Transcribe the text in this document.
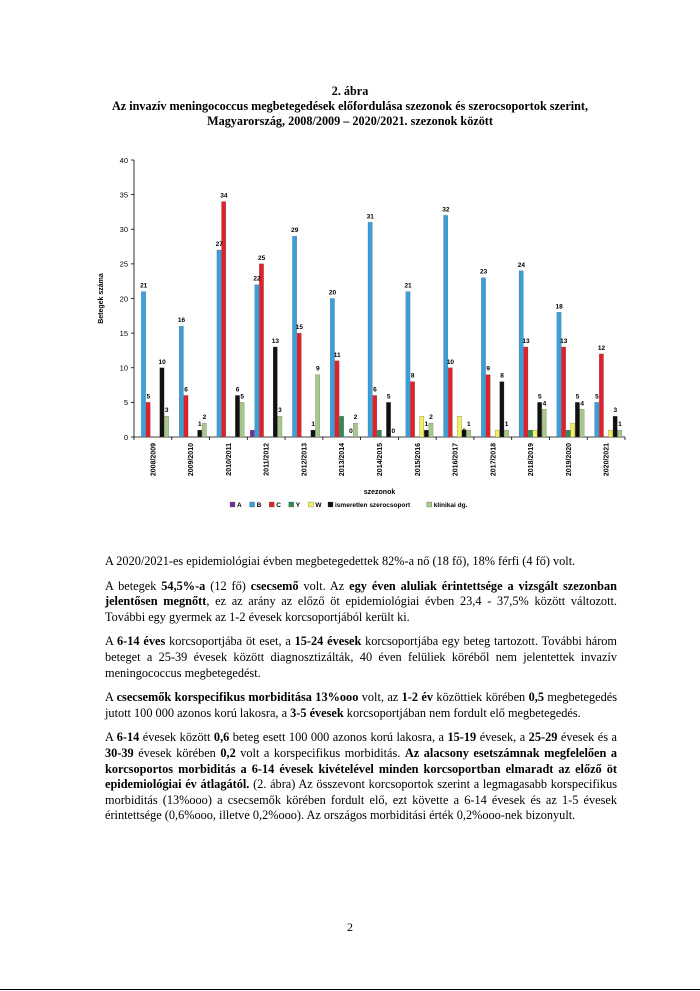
2. ábra
Az invazív meningococcus megbetegedések előfordulása szezonok és szerocsoportok szerint,
Magyarország, 2008/2009 – 2020/2021. szezonok között
0
5
10
15
20
25
30
35
40
21
5
10
3
16
6
1
2
27
34
6
5
22
25
13
3
29
15
1
9
20
11
0
2
31
6
5
0
21
8
1
2
32
10
0
1
23
9
8
1
24
13
5
4
18
13
5
4
5
12
3
1
2008/2009	2009/2010	2010/2011	2011/2012	2012/2013	2013/2014	2014/2015	2015/2016	2016/2017	2017/2018	2018/2019	2019/2020	2020/2021
szezonok
Betegek száma
A B C Y W ismeretlen szerocsoport	klinikai dg.

A 2020/2021-es epidemiológiai évben megbetegedettek 82%-a nő (18 fő), 18% férfi (4 fő) volt.

A betegek 54,5%-a (12 fő) csecsemő volt. Az egy éven aluliak érintettsége a vizsgált szezonban jelentősen megnőtt, ez az arány az előző öt epidemiológiai évben 23,4 - 37,5% között változott. További egy gyermek az 1-2 évesek korcsoportjából került ki.

A 6-14 éves korcsoportjába öt eset, a 15-24 évesek korcsoportjába egy beteg tartozott. További három beteget a 25-39 évesek között diagnosztizálták, 40 éven felüliek köréből nem jelentettek invazív meningococcus megbetegedést.

A csecsemők korspecifikus morbiditása 13%ooo volt, az 1-2 év közöttiek körében 0,5 megbetegedés jutott 100 000 azonos korú lakosra, a 3-5 évesek korcsoportjában nem fordult elő megbetegedés.

A 6-14 évesek között 0,6 beteg esett 100 000 azonos korú lakosra, a 15-19 évesek, a 25-29 évesek és a 30-39 évesek körében 0,2 volt a korspecifikus morbiditás. Az alacsony esetszámnak megfelelően a korcsoportos morbiditás a 6-14 évesek kivételével minden korcsoportban elmaradt az előző öt epidemiológiai év átlagától. (2. ábra) Az összevont korcsoportok szerint a legmagasabb korspecifikus morbiditás (13%ooo) a csecsemők körében fordult elő, ezt követte a 6-14 évesek és az 1-5 évesek érintettsége (0,6%ooo, illetve 0,2%ooo). Az országos morbiditási érték 0,2%ooo-nek bizonyult.

2
